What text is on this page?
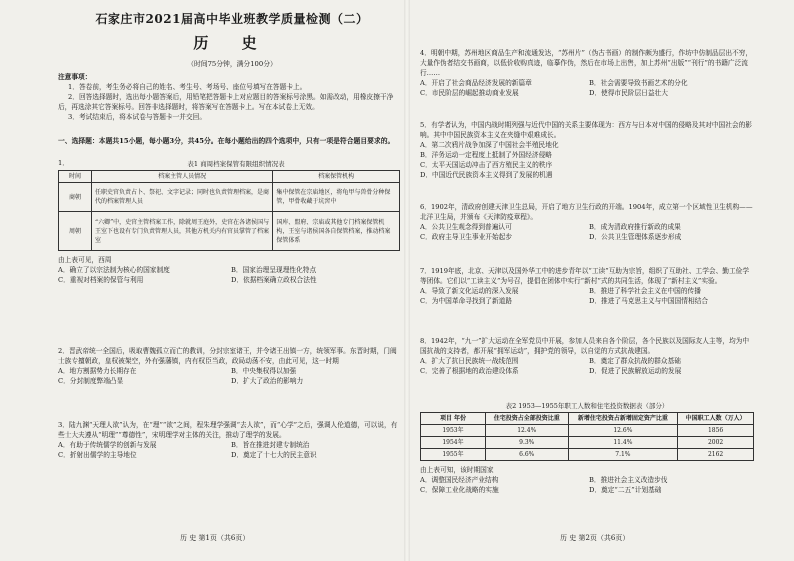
石家庄市2021届高中毕业班教学质量检测（二）
历 史
（时间75分钟，满分100分）
注意事项：

1．答卷前，考生务必将自己的姓名、考生号、考场号、座位号填写在答题卡上。

2．回答选择题时，选出每小题答案后，用铅笔把答题卡上对应题目的答案标号涂黑。如需改动，用橡皮擦干净后，再选涂其它答案标号。回答非选择题时，将答案写在答题卡上。写在本试卷上无效。

3．考试结束后，将本试卷与答题卡一并交回。

一、选择题：本题共15小题，每小题3分，共45分。在每小题给出的四个选项中，只有一项是符合题目要求的。
1．	表1 商周档案保管有限组织情况表
时间	档案主管人员情况	档案保管机构
商朝	任职史官负责占卜、祭祀、文字记录；同时也负责管理档案，是商代的档案管理人员	集中保管在宗庙地区，将龟甲与兽骨分种保管，甲骨收藏于坑窖中
周朝	“六卿”中，史官主管档案工作，除就周王庭外，史官在各诸侯国与王室下也设有专门负责管理人员，其他方机关内有官员掌管了档案室	国库、盟府、宗庙或其他专门档案保管机构，王室与诸侯国各自保管档案，推动档案保管体系
由上表可见，西周
A．确立了以宗法制为核心的国家制度	B．国家治理呈现理性化特点
C．重视对档案的保管与利用	D．依据档案确立政权合法性
2．晋武帝统一全国后，吸取曹魏孤立而亡的教训，分封宗室诸王，并令诸王出镇一方，统领军事。东晋时期，门阀士族专擅朝政，皇权被架空，外有强藩镇，内有权臣当政，政局动荡不安，由此可见，这一时期
A．地方割据势力长期存在	B．中央集权得以加强
C．分封制度弊端凸显	D．扩大了政治的影响力
3．陆九渊“天理人欲”认为，在“理”“欲”之间，程朱理学强调“去人欲”，而“心学”之后，强调人伦道德，可以说，有些士大夫遵从“明理”“尊德性”，宋明理学对主体的关注，推动了理学的发展。
A．有助于传统儒学的创新与发展	B．旨在推进封建专制统治
C．折射出儒学的主导地位	D．奠定了十七大的民主意识
历 史 第1页（共6页）
4．明朝中期，苏州地区商品生产和流通发达，“苏州片”（伪古书画）的制作颇为盛行，作坊中仿制品层出不穷，大量作伪者结交书画商，以低价收购真迹，临摹作伪，然后在市场上出售，加上苏州“出版”“刊行”的书籍广泛流行……
A．开启了社会商品经济发展的新篇章	B．社会需要导致书画艺术的分化
C．市民阶层的崛起推动商业发展	D．使得市民阶层日益壮大
5．有学者认为，中国内战时期列强与近代中国的关系主要体现为：西方与日本对中国的侵略及其对中国社会的影响。其中中国民族资本主义在夹缝中艰难成长。
A．第二次鸦片战争加深了中国社会半殖民地化
B．洋务运动一定程度上抵制了外国经济侵略
C．太平天国运动冲击了西方殖民主义的秩序
D．中国近代民族资本主义得到了发展的机遇
6．1902年，清政府创建天津卫生总局，开启了地方卫生行政的开端。1904年，成立第一个区域性卫生机构——北洋卫生局，并颁布《天津防疫章程》。
A．公共卫生观念得到普遍认可	B．成为清政府推行新政的成果
C．政府主导卫生事业开始起步	D．公共卫生管理体系逐步形成
7．1919年底，北京、天津以及国外华工中的进步青年以“工读”互助为宗旨，组织了互助社、工学会、勤工俭学等团体。它们以“工读主义”为号召，提倡在团体中实行“新村”式的共同生活，体现了“新村主义”实验。
A．导致了新文化运动的深入发展	B．推进了科学社会主义在中国的传播
C．为中国革命寻找到了新道路	D．推进了马克思主义与中国国情相结合
8．1942年，“九一”扩大运动在全军党员中开展，参加人员来自各个阶层，各个民族以及国际友人主等，均为中国抗战的支持者，都开展“拥军运动”，拥护党的领导，以自觉的方式抗战建国。
A．扩大了抗日民族统一战线范围	B．奠定了群众抗战的群众基础
C．完善了根据地的政治建设体系	D．促进了民族解放运动的发展
表2 1953—1955年职工人数和住宅投资数据表（部分）
项目 年份	住宅投资占全部投资比重	新增住宅投资占新增固定资产比重	中国职工人数（万人）
1953年	12.4%	12.6%	1856
1954年	9.3%	11.4%	2002
1955年	6.6%	7.1%	2162
由上表可知，该时期国家
A．调整国民经济产业结构	B．推进社会主义改造步伐
C．保障工业化战略的实施	D．奠定“二五”计划基础
历 史 第2页（共6页）
